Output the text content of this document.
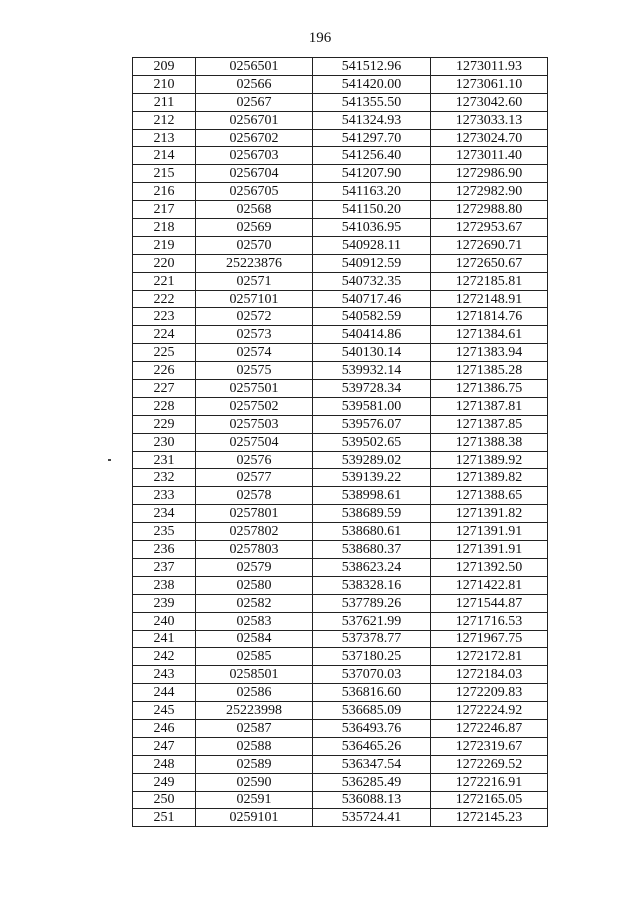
196
209	0256501	541512.96	1273011.93
210	02566	541420.00	1273061.10
211	02567	541355.50	1273042.60
212	0256701	541324.93	1273033.13
213	0256702	541297.70	1273024.70
214	0256703	541256.40	1273011.40
215	0256704	541207.90	1272986.90
216	0256705	541163.20	1272982.90
217	02568	541150.20	1272988.80
218	02569	541036.95	1272953.67
219	02570	540928.11	1272690.71
220	25223876	540912.59	1272650.67
221	02571	540732.35	1272185.81
222	0257101	540717.46	1272148.91
223	02572	540582.59	1271814.76
224	02573	540414.86	1271384.61
225	02574	540130.14	1271383.94
226	02575	539932.14	1271385.28
227	0257501	539728.34	1271386.75
228	0257502	539581.00	1271387.81
229	0257503	539576.07	1271387.85
230	0257504	539502.65	1271388.38
231	02576	539289.02	1271389.92
232	02577	539139.22	1271389.82
233	02578	538998.61	1271388.65
234	0257801	538689.59	1271391.82
235	0257802	538680.61	1271391.91
236	0257803	538680.37	1271391.91
237	02579	538623.24	1271392.50
238	02580	538328.16	1271422.81
239	02582	537789.26	1271544.87
240	02583	537621.99	1271716.53
241	02584	537378.77	1271967.75
242	02585	537180.25	1272172.81
243	0258501	537070.03	1272184.03
244	02586	536816.60	1272209.83
245	25223998	536685.09	1272224.92
246	02587	536493.76	1272246.87
247	02588	536465.26	1272319.67
248	02589	536347.54	1272269.52
249	02590	536285.49	1272216.91
250	02591	536088.13	1272165.05
251	0259101	535724.41	1272145.23
